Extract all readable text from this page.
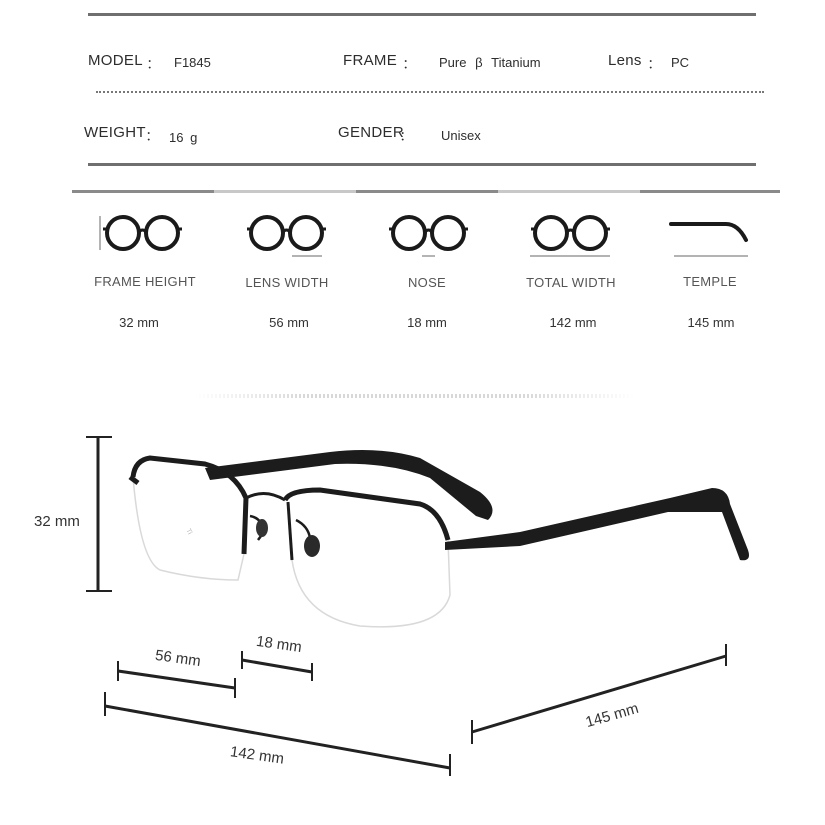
MODEL ： F1845	FRAME ： Pure β Titanium	Lens ： PC
WEIGHT ： 16 g	GENDER
： Unisex
FRAME HEIGHT	LENS WIDTH	NOSE	TOTAL WIDTH	TEMPLE
32 mm	56 mm	18 mm	142 mm	145 mm
Ti
32 mm
56 mm
18 mm
142 mm
145 mm
